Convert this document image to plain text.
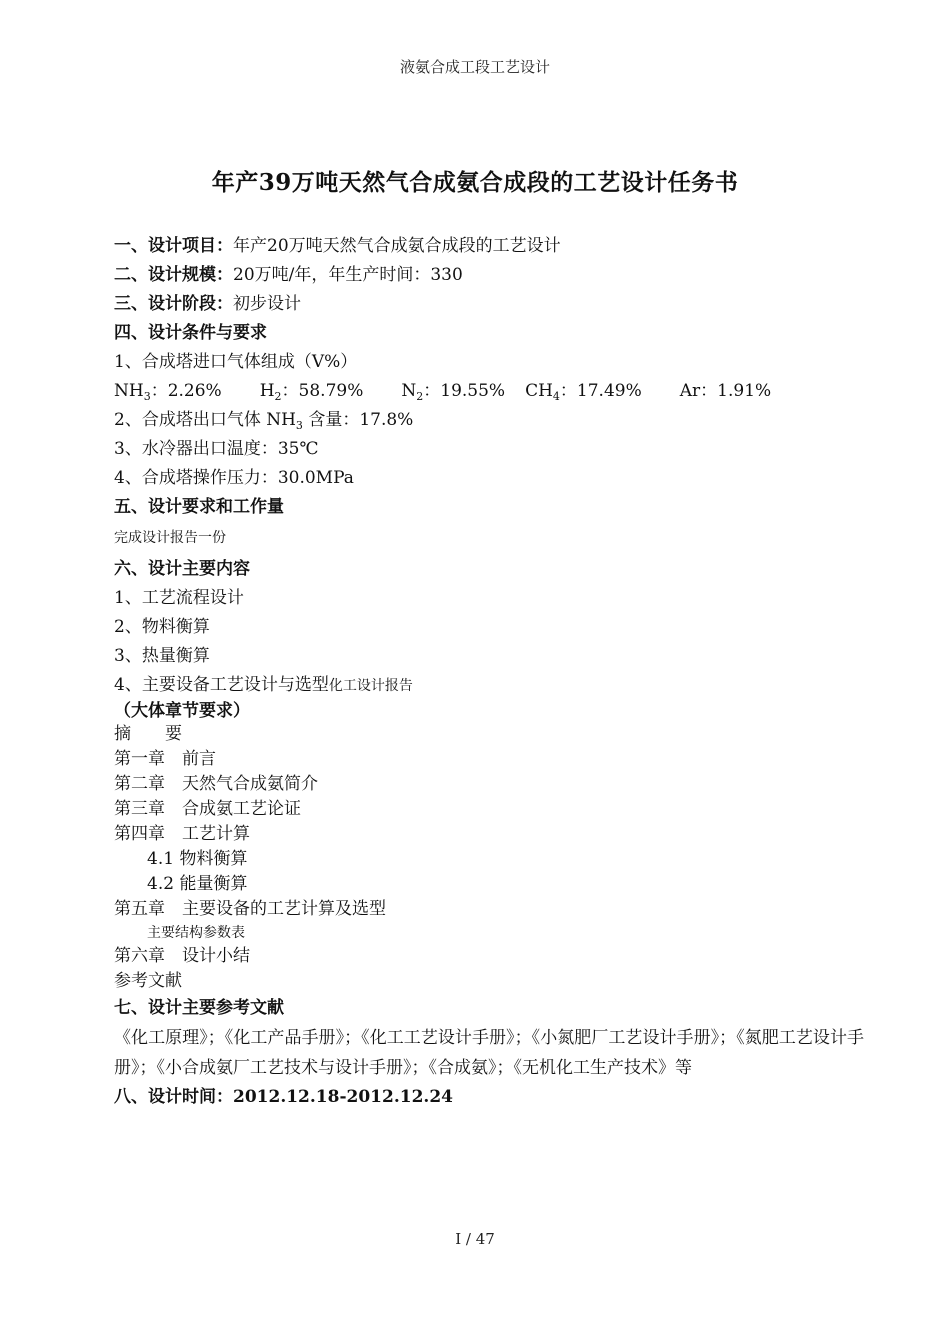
液氨合成工段工艺设计
年产39万吨天然气合成氨合成段的工艺设计任务书
一、设计项目：年产20万吨天然气合成氨合成段的工艺设计
二、设计规模：20万吨/年，年生产时间：330
三、设计阶段：初步设计
四、设计条件与要求
1、合成塔进口气体组成（V%）
$NH_3$：2.26% $H_2$：58.79% $N_2$：19.55% $CH_4$：17.49% Ar：1.91%
2、合成塔出口气体 $NH_3$ 含量：17.8%
3、水冷器出口温度：35℃
4、合成塔操作压力：30.0MPa
五、设计要求和工作量
完成设计报告一份
六、设计主要内容
1、工艺流程设计
2、物料衡算
3、热量衡算
4、主要设备工艺设计与选型化工设计报告
（大体章节要求）
摘　　要
第一章　前言
第二章　天然气合成氨简介
第三章　合成氨工艺论证
第四章　工艺计算
4.1 物料衡算
4.2 能量衡算
第五章　主要设备的工艺计算及选型
主要结构参数表
第六章　设计小结
参考文献
七、设计主要参考文献
《化工原理》；《化工产品手册》；《化工工艺设计手册》；《小氮肥厂工艺设计手册》；《氮肥工艺设计手册》；《小合成氨厂工艺技术与设计手册》；《合成氨》；《无机化工生产技术》等
八、设计时间：2012.12.18-2012.12.24
I / 47
